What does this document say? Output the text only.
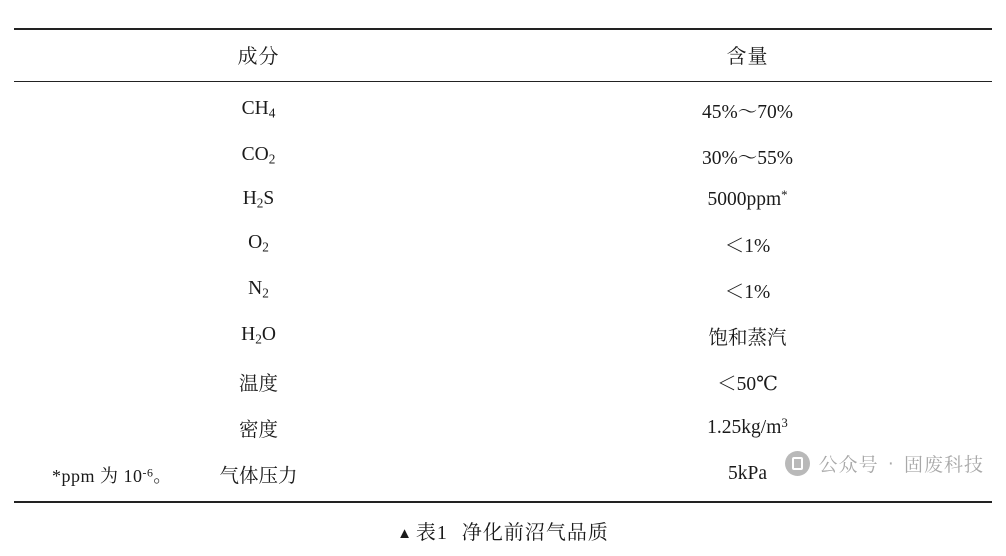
成分	含量
$CH_4$	45%～70%
$CO_2$	30%～55%
$H_2S$	5000ppm*
$O_2$	＜1%
$N_2$	＜1%
$H_2O$	饱和蒸汽
温度	＜50℃
密度	$1.25kg/m^3$
气体压力	5kPa
*ppm 为 $10^{-6}$。	公众号 · 固废科技
▲ 表1 净化前沼气品质
